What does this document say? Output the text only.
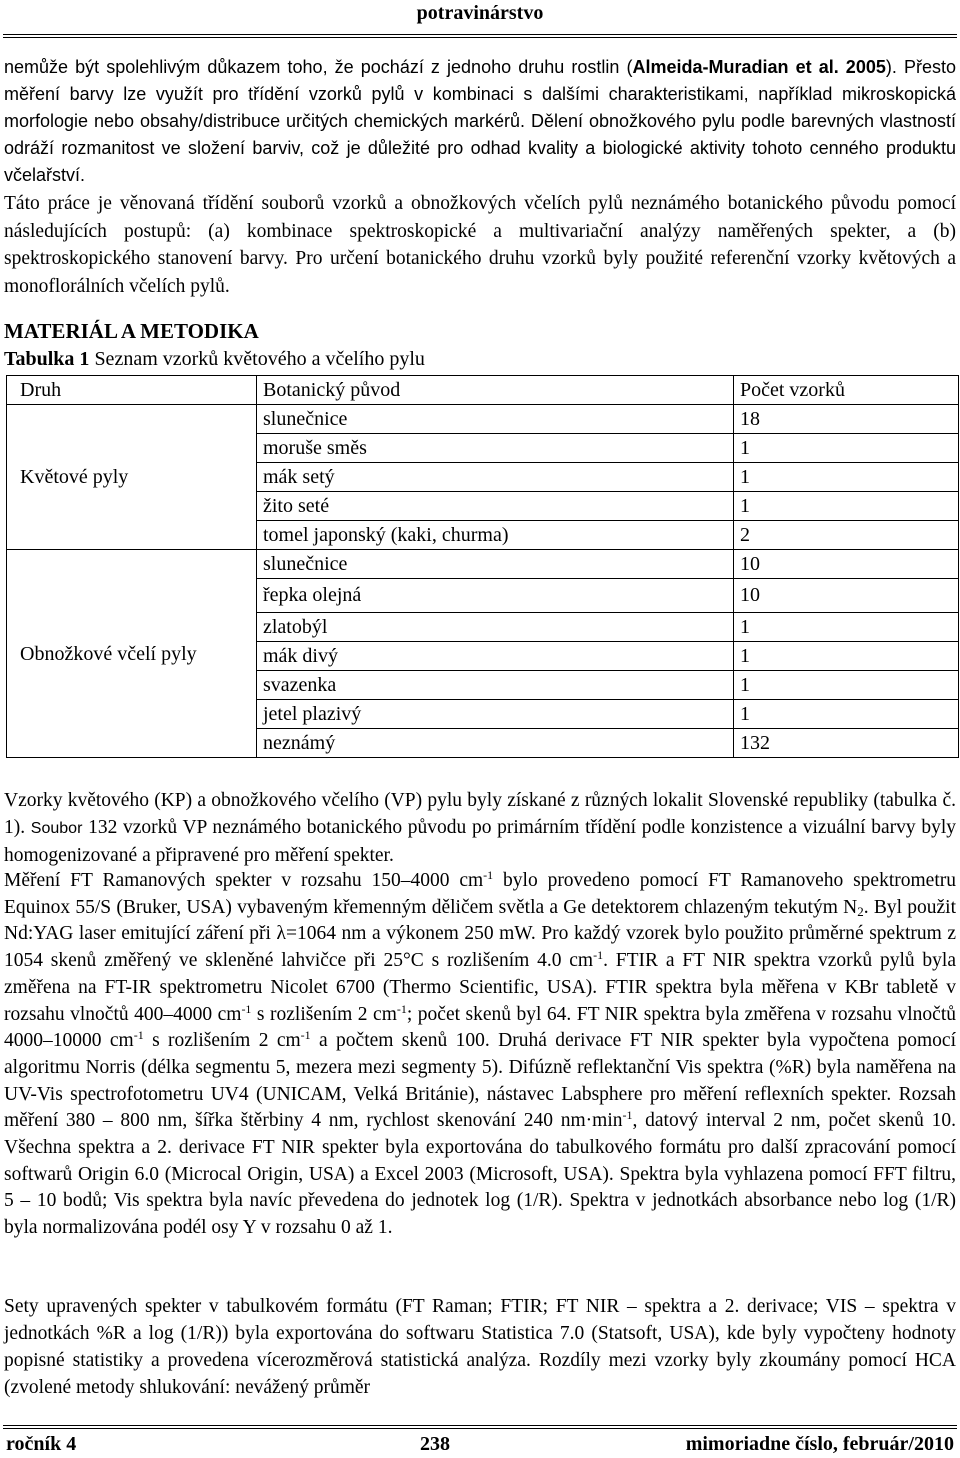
potravinárstvo

nemůže být spolehlivým důkazem toho, že pochází z jednoho druhu rostlin (Almeida-Muradian et al. 2005). Přesto měření barvy lze využít pro třídění vzorků pylů v kombinaci s dalšími charakteristikami, například mikroskopická morfologie nebo obsahy/distribuce určitých chemických markérů. Dělení obnožkového pylu podle barevných vlastností odráží rozmanitost ve složení barviv, což je důležité pro odhad kvality a biologické aktivity tohoto cenného produktu včelařství.

Táto práce je věnovaná třídění souborů vzorků a obnožkových včelích pylů neznámého botanického původu pomocí následujících postupů: (a) kombinace spektroskopické a multivariační analýzy naměřených spekter, a (b) spektroskopického stanovení barvy. Pro určení botanického druhu vzorků byly použité referenční vzorky květových a monoflorálních včelích pylů.

MATERIÁL A METODIKA
Tabulka 1 Seznam vzorků květového a včelího pylu
Druh	Botanický původ	Počet vzorků
Květové pyly	slunečnice	18
	moruše směs	1
	mák setý	1
	žito seté	1
	tomel japonský (kaki, churma)	2
Obnožkové včelí pyly	slunečnice	10
	řepka olejná	10
	zlatobýl	1
	mák divý	1
	svazenka	1
	jetel plazivý	1
	neznámý	132

Vzorky květového (KP) a obnožkového včelího (VP) pylu byly získané z různých lokalit Slovenské republiky (tabulka č. 1). Soubor 132 vzorků VP neznámého botanického původu po primárním třídění podle konzistence a vizuální barvy byly homogenizované a připravené pro měření spekter.

Měření FT Ramanových spekter v rozsahu 150–4000 $cm^{-1}$ bylo provedeno pomocí FT Ramanoveho spektrometru Equinox 55/S (Bruker, USA) vybaveným křemenným děličem světla a Ge detektorem chlazeným tekutým $N_2$. Byl použit Nd:YAG laser emitující záření při λ=1064 nm a výkonem 250 mW. Pro každý vzorek bylo použito průměrné spektrum z 1054 skenů změřený ve skleněné lahvičce při 25°C s rozlišením 4.0 $cm^{-1}$. FTIR a FT NIR spektra vzorků pylů byla změřena na FT-IR spektrometru Nicolet 6700 (Thermo Scientific, USA). FTIR spektra byla měřena v KBr tabletě v rozsahu vlnočtů 400–4000 $cm^{-1}$ s rozlišením 2 $cm^{-1}$; počet skenů byl 64. FT NIR spektra byla změřena v rozsahu vlnočtů 4000–10000 $cm^{-1}$ s rozlišením 2 $cm^{-1}$ a počtem skenů 100. Druhá derivace FT NIR spekter byla vypočtena pomocí algoritmu Norris (délka segmentu 5, mezera mezi segmenty 5). Difúzně reflektanční Vis spektra (%R) byla naměřena na UV-Vis spectrofotometru UV4 (UNICAM, Velká Británie), nástavec Labsphere pro měření reflexních spekter. Rozsah měření 380 – 800 nm, šířka štěrbiny 4 nm, rychlost skenování 240 $nm\cdot\min^{-1}$, datový interval 2 nm, počet skenů 10. Všechna spektra a 2. derivace FT NIR spekter byla exportována do tabulkového formátu pro další zpracování pomocí softwarů Origin 6.0 (Microcal Origin, USA) a Excel 2003 (Microsoft, USA). Spektra byla vyhlazena pomocí FFT filtru, 5 – 10 bodů; Vis spektra byla navíc převedena do jednotek log (1/R). Spektra v jednotkách absorbance nebo log (1/R) byla normalizována podél osy Y v rozsahu 0 až 1.

Sety upravených spekter v tabulkovém formátu (FT Raman; FTIR; FT NIR – spektra a 2. derivace; VIS – spektra v jednotkách %R a log (1/R)) byla exportována do softwaru Statistica 7.0 (Statsoft, USA), kde byly vypočteny hodnoty popisné statistiky a provedena vícerozměrová statistická analýza. Rozdíly mezi vzorky byly zkoumány pomocí HCA (zvolené metody shlukování: nevážený průměr

ročník 4	238	mimoriadne číslo, február/2010
